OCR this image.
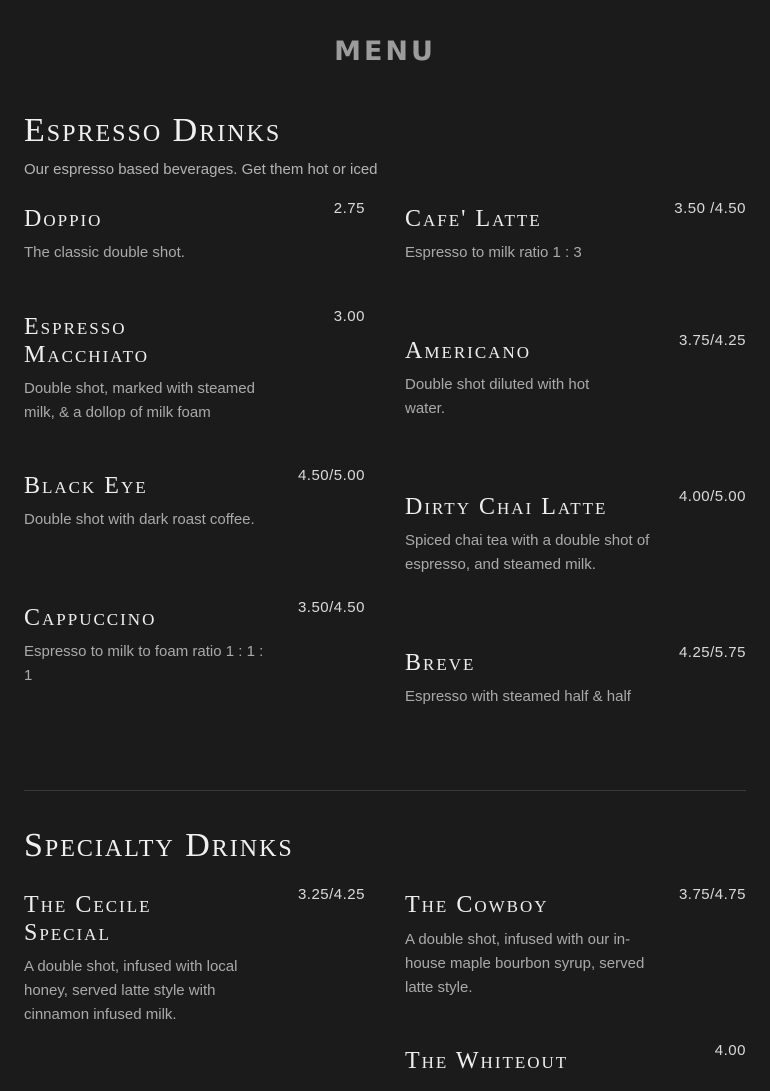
MENU
Espresso Drinks
Our espresso based beverages. Get them hot or iced
Doppio	2.75
The classic double shot.
Cafe' Latte	3.50 /4.50
Espresso to milk ratio 1 : 3
Espresso Macchiato
3.00
Double shot, marked with steamed milk, & a dollop of milk foam
Americano	3.75/4.25
Double shot diluted with hot water.
Black Eye	4.50/5.00
Double shot with dark roast coffee.	Dirty Chai Latte	4.00/5.00
Spiced chai tea with a double shot of espresso, and steamed milk.
Cappuccino	3.50/4.50
Espresso to milk to foam ratio 1 : 1 : 1	Breve	4.25/5.75
Espresso with steamed half & half
Specialty Drinks
The Cecile Special
3.25/4.25
A double shot, infused with local honey, served latte style with cinnamon infused milk.
The Cowboy	3.75/4.75
A double shot, infused with our in-house maple bourbon syrup, served latte style.
The Whiteout	4.00
